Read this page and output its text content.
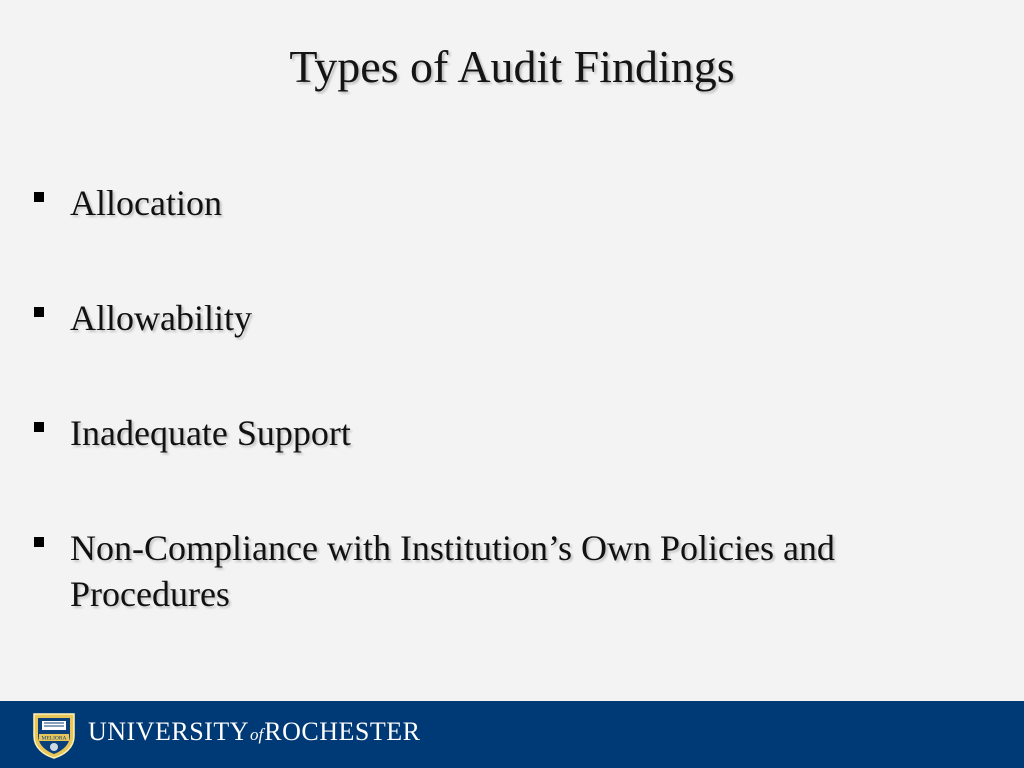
Types of Audit Findings
Allocation
Allowability
Inadequate Support
Non-Compliance with Institution’s Own Policies and Procedures
MELIORA UNIVERSITYofROCHESTER
